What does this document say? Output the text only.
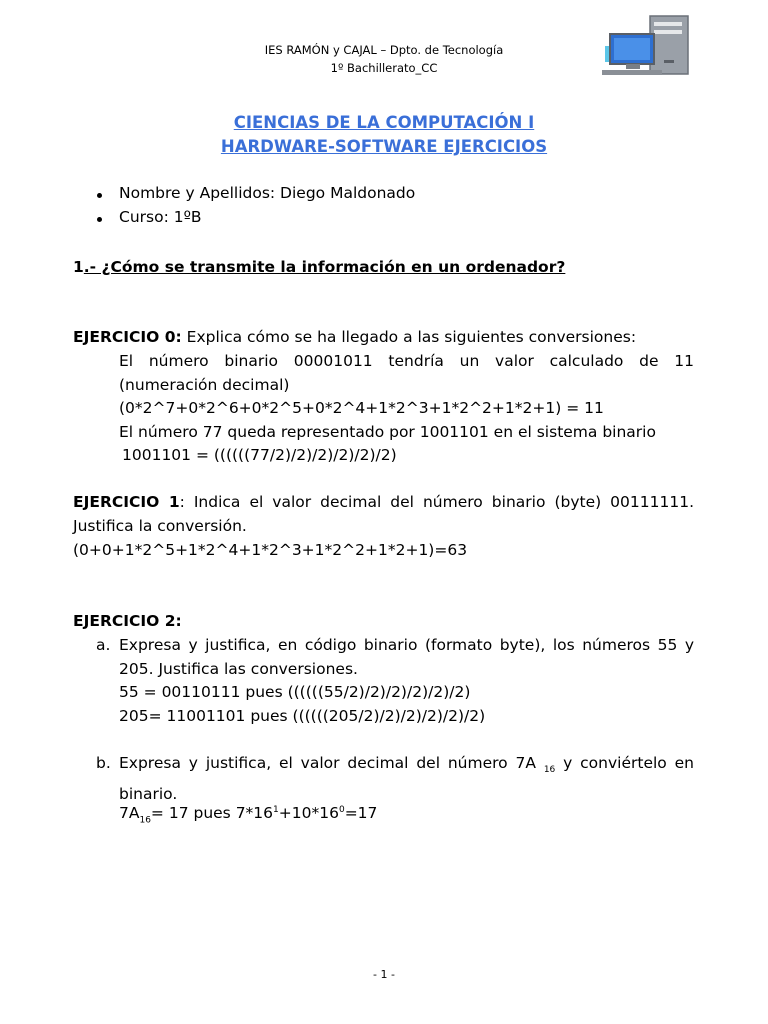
IES RAMÓN y CAJAL – Dpto. de Tecnología
1º Bachillerato_CC
CIENCIAS DE LA COMPUTACIÓN I
HARDWARE-SOFTWARE EJERCICIOS
Nombre y Apellidos: Diego Maldonado
Curso: 1ºB
1.- ¿Cómo se transmite la información en un ordenador?
EJERCICIO 0: Explica cómo se ha llegado a las siguientes conversiones:
El número binario 00001011 tendría un valor calculado de 11 (numeración decimal)
(0*2^7+0*2^6+0*2^5+0*2^4+1*2^3+1*2^2+1*2+1) = 11
El número 77 queda representado por 1001101 en el sistema binario
1001101 = ((((((77/2)/2)/2)/2)/2)/2)
EJERCICIO 1: Indica el valor decimal del número binario (byte) 00111111. Justifica la conversión.
(0+0+1*2^5+1*2^4+1*2^3+1*2^2+1*2+1)=63
EJERCICIO 2:
a. Expresa y justifica, en código binario (formato byte), los números 55 y 205. Justifica las conversiones.
55 = 00110111 pues ((((((55/2)/2)/2)/2)/2)/2)
205= 11001101 pues ((((((205/2)/2)/2)/2)/2)/2)
b. Expresa y justifica, el valor decimal del número 7A $_{16}$ y conviértelo en binario.
$7A_{16}= 17$ pues $7*16^1+10*16^0=17$
- 1 -
